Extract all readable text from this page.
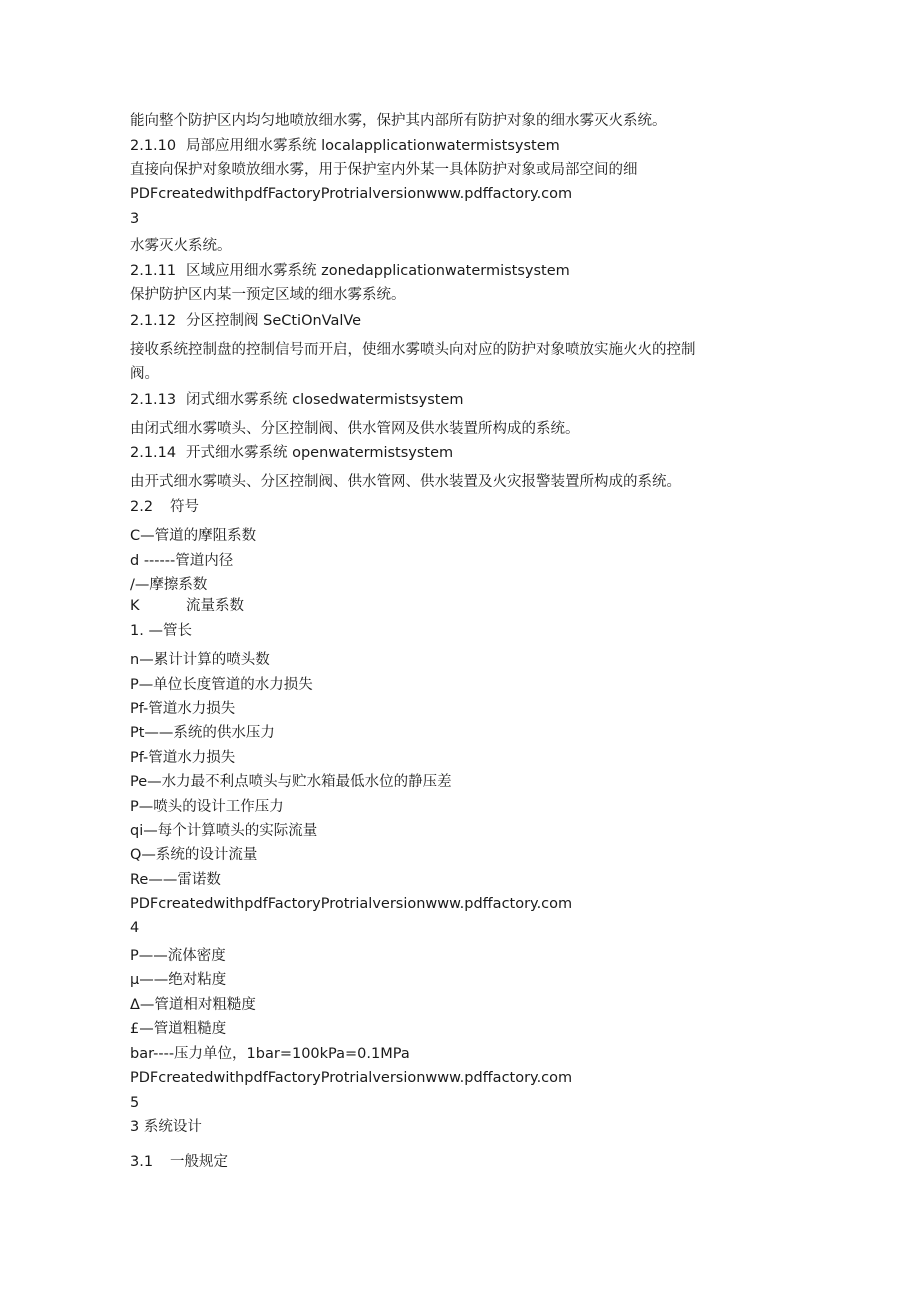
能向整个防护区内均匀地喷放细水雾，保护其内部所有防护对象的细水雾灭火系统。
2.1.10 局部应用细水雾系统 localapplicationwatermistsystem
直接向保护对象喷放细水雾，用于保护室内外某一具体防护对象或局部空间的细
PDFcreatedwithpdfFactoryProtrialversionwww.pdffactory.com
3
水雾灭火系统。
2.1.11 区域应用细水雾系统 zonedapplicationwatermistsystem
保护防护区内某一预定区域的细水雾系统。
2.1.12 分区控制阀 SeCtiOnValVe
接收系统控制盘的控制信号而开启，使细水雾喷头向对应的防护对象喷放实施火火的控制
阀。
2.1.13 闭式细水雾系统 closedwatermistsystem
由闭式细水雾喷头、分区控制阀、供水管网及供水装置所构成的系统。
2.1.14 开式细水雾系统 openwatermistsystem
由开式细水雾喷头、分区控制阀、供水管网、供水装置及火灾报警装置所构成的系统。
2.2 符号
C—管道的摩阻系数
d ------管道内径
/—摩擦系数
K	流量系数
1. —管长
n—累计计算的喷头数
P—单位长度管道的水力损失
Pf-管道水力损失
Pt——系统的供水压力
Pf-管道水力损失
Pe—水力最不利点喷头与贮水箱最低水位的静压差
P—喷头的设计工作压力
qi—每个计算喷头的实际流量
Q—系统的设计流量
Re——雷诺数
PDFcreatedwithpdfFactoryProtrialversionwww.pdffactory.com
4
P——流体密度
μ——绝对粘度
Δ—管道相对粗糙度
£—管道粗糙度
bar----压力单位，1bar=100kPa=0.1MPa
PDFcreatedwithpdfFactoryProtrialversionwww.pdffactory.com
5
3 系统设计
3.1 一般规定
